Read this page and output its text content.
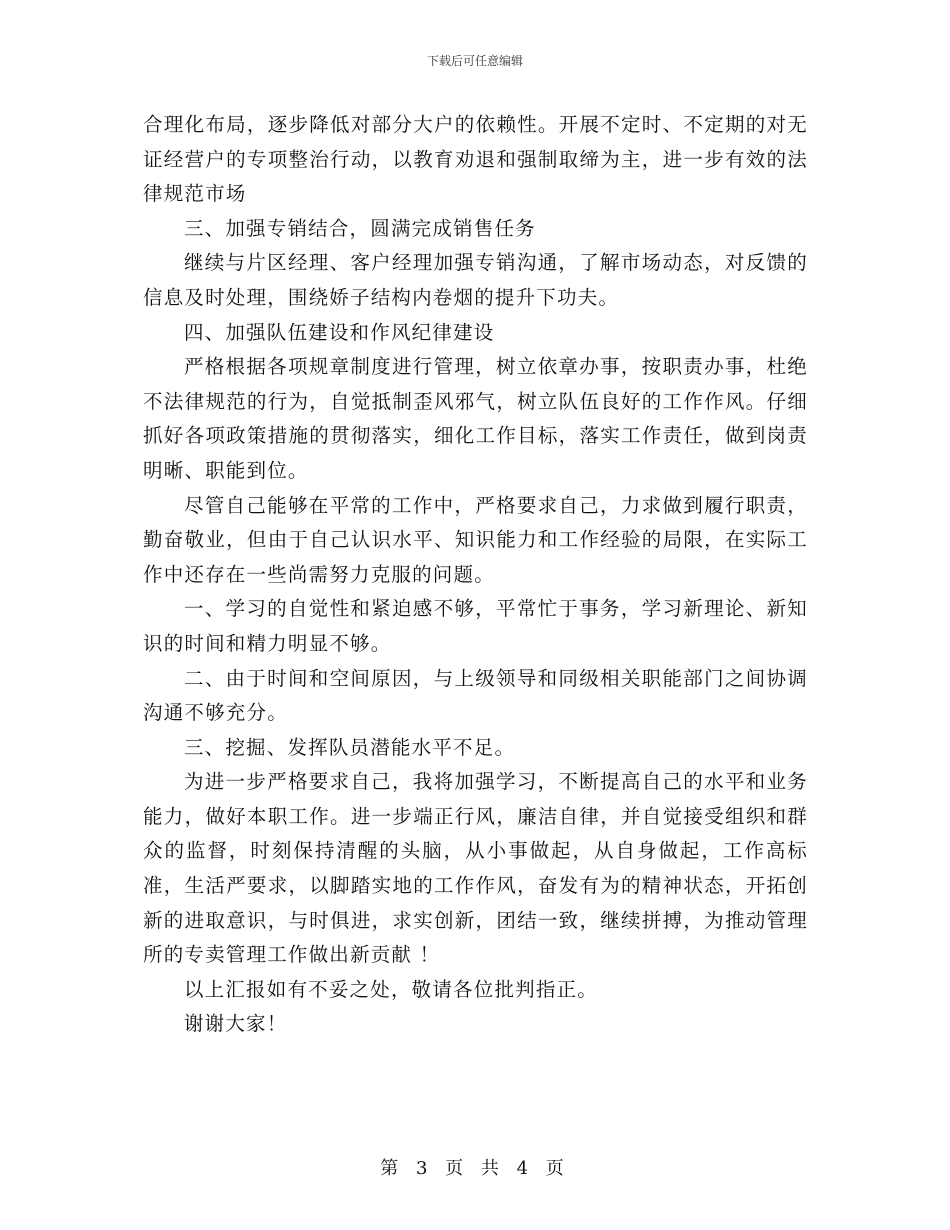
下载后可任意编辑

合理化布局，逐步降低对部分大户的依赖性。开展不定时、不定期的对无证经营户的专项整治行动，以教育劝退和强制取缔为主，进一步有效的法律规范市场

三、加强专销结合，圆满完成销售任务

继续与片区经理、客户经理加强专销沟通，了解市场动态，对反馈的信息及时处理，围绕娇子结构内卷烟的提升下功夫。

四、加强队伍建设和作风纪律建设

严格根据各项规章制度进行管理，树立依章办事，按职责办事，杜绝不法律规范的行为，自觉抵制歪风邪气，树立队伍良好的工作作风。仔细抓好各项政策措施的贯彻落实，细化工作目标，落实工作责任，做到岗责明晰、职能到位。

尽管自己能够在平常的工作中，严格要求自己，力求做到履行职责，勤奋敬业，但由于自己认识水平、知识能力和工作经验的局限，在实际工作中还存在一些尚需努力克服的问题。

一、学习的自觉性和紧迫感不够，平常忙于事务，学习新理论、新知识的时间和精力明显不够。

二、由于时间和空间原因，与上级领导和同级相关职能部门之间协调沟通不够充分。

三、挖掘、发挥队员潜能水平不足。

为进一步严格要求自己，我将加强学习，不断提高自己的水平和业务能力，做好本职工作。进一步端正行风，廉洁自律，并自觉接受组织和群众的监督，时刻保持清醒的头脑，从小事做起，从自身做起，工作高标准，生活严要求，以脚踏实地的工作作风，奋发有为的精神状态，开拓创新的进取意识，与时俱进，求实创新，团结一致，继续拼搏，为推动管理所的专卖管理工作做出新贡献 ！

以上汇报如有不妥之处，敬请各位批判指正。

谢谢大家！

第 3 页 共 4 页
